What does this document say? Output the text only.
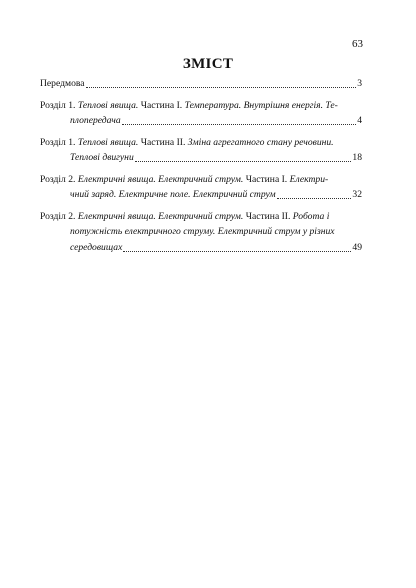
63
ЗМІСТ
Передмова	3
Розділ 1. Теплові явища. Частина І. Температура. Внутрішня енергія. Те-
плопередача	4
Розділ 1. Теплові явища. Частина ІІ. Зміна агрегатного стану речовини.
Теплові двигуни	18
Розділ 2. Електричні явища. Електричний струм. Частина І. Електри-
чний заряд. Електричне поле. Електричний струм	32
Розділ 2. Електричні явища. Електричний струм. Частина ІІ. Робота і
потужність електричного струму. Електричний струм у різних
середовищах	49
